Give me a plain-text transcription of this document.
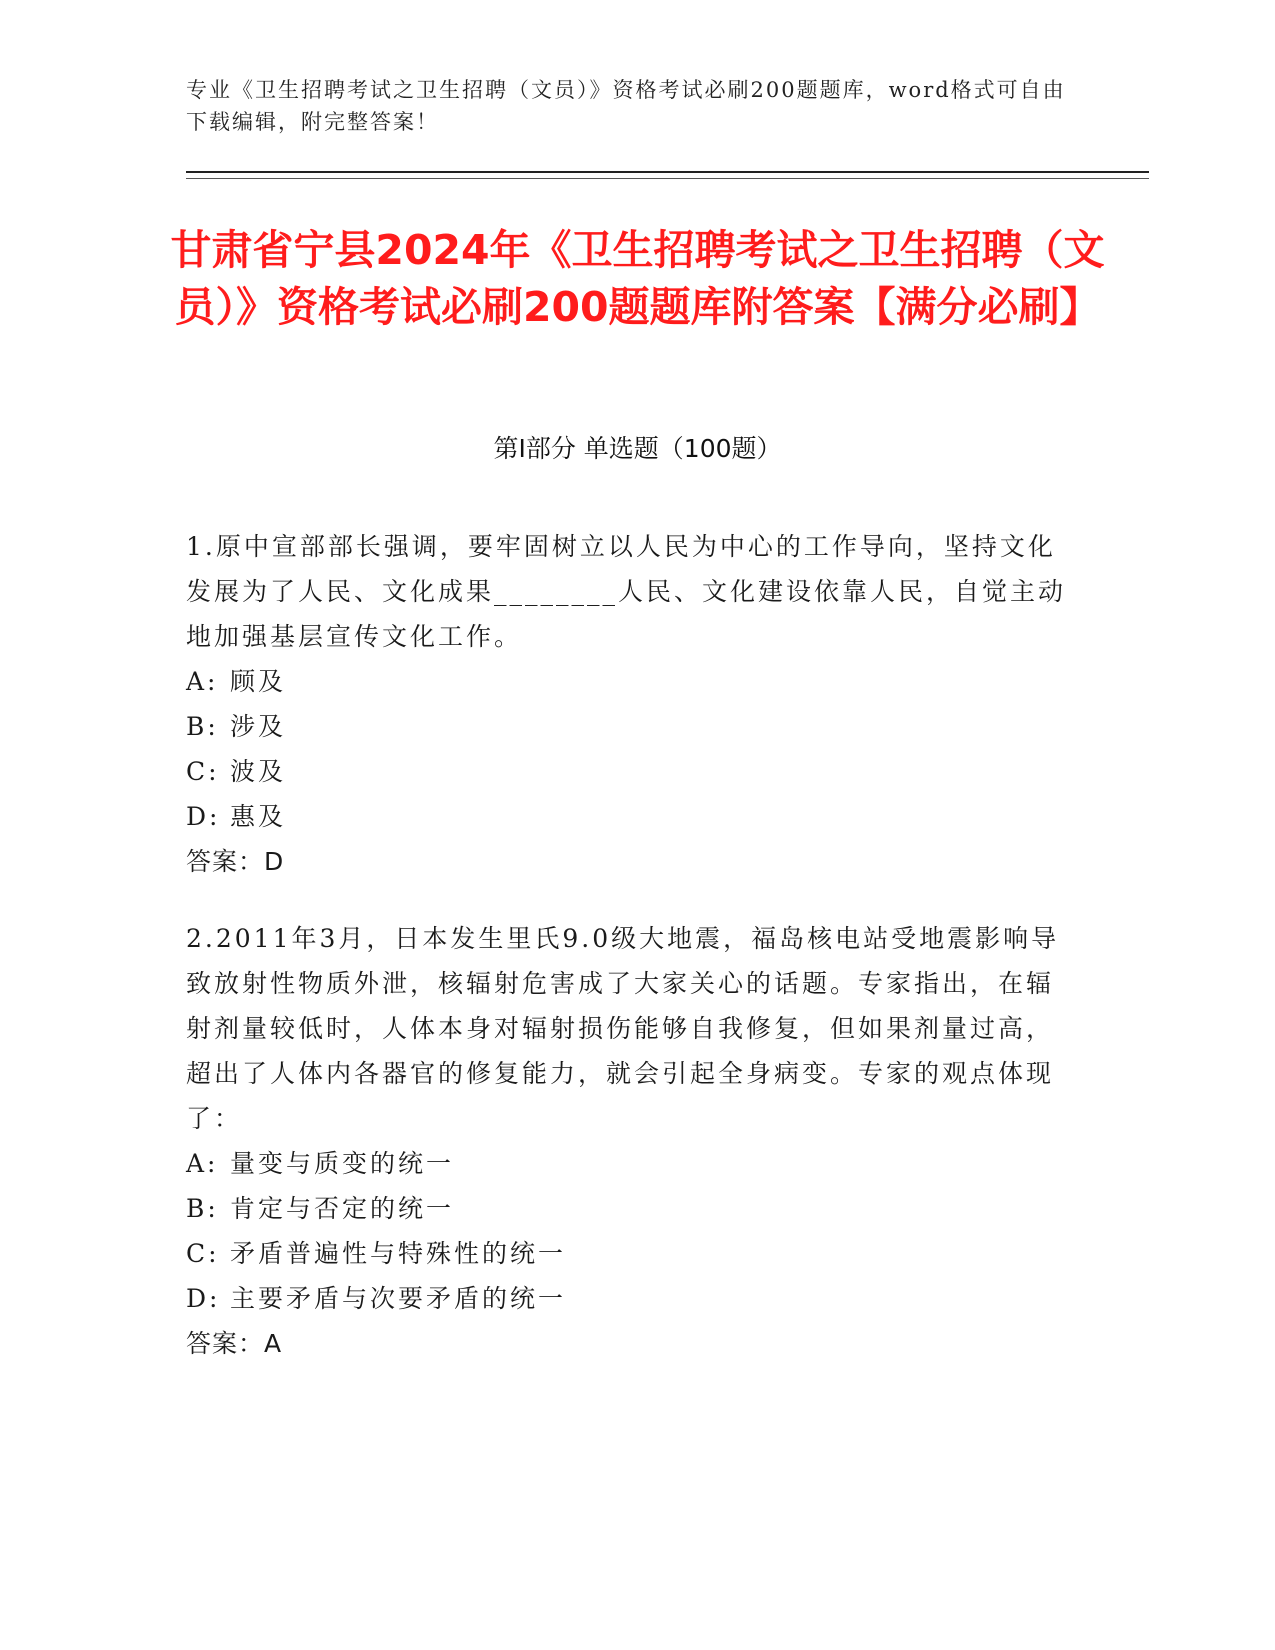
专业《卫生招聘考试之卫生招聘（文员）》资格考试必刷200题题库，word格式可自由下载编辑，附完整答案！
甘肃省宁县2024年《卫生招聘考试之卫生招聘（文员）》资格考试必刷200题题库附答案【满分必刷】
第I部分 单选题（100题）

1.原中宣部部长强调，要牢固树立以人民为中心的工作导向，坚持文化发展为了人民、文化成果________人民、文化建设依靠人民，自觉主动地加强基层宣传文化工作。

A: 顾及

B: 涉及

C: 波及

D: 惠及

答案：D

2.2011年3月，日本发生里氏9.0级大地震，福岛核电站受地震影响导致放射性物质外泄，核辐射危害成了大家关心的话题。专家指出，在辐射剂量较低时，人体本身对辐射损伤能够自我修复，但如果剂量过高，超出了人体内各器官的修复能力，就会引起全身病变。专家的观点体现了：

A: 量变与质变的统一

B: 肯定与否定的统一

C: 矛盾普遍性与特殊性的统一

D: 主要矛盾与次要矛盾的统一

答案：A
